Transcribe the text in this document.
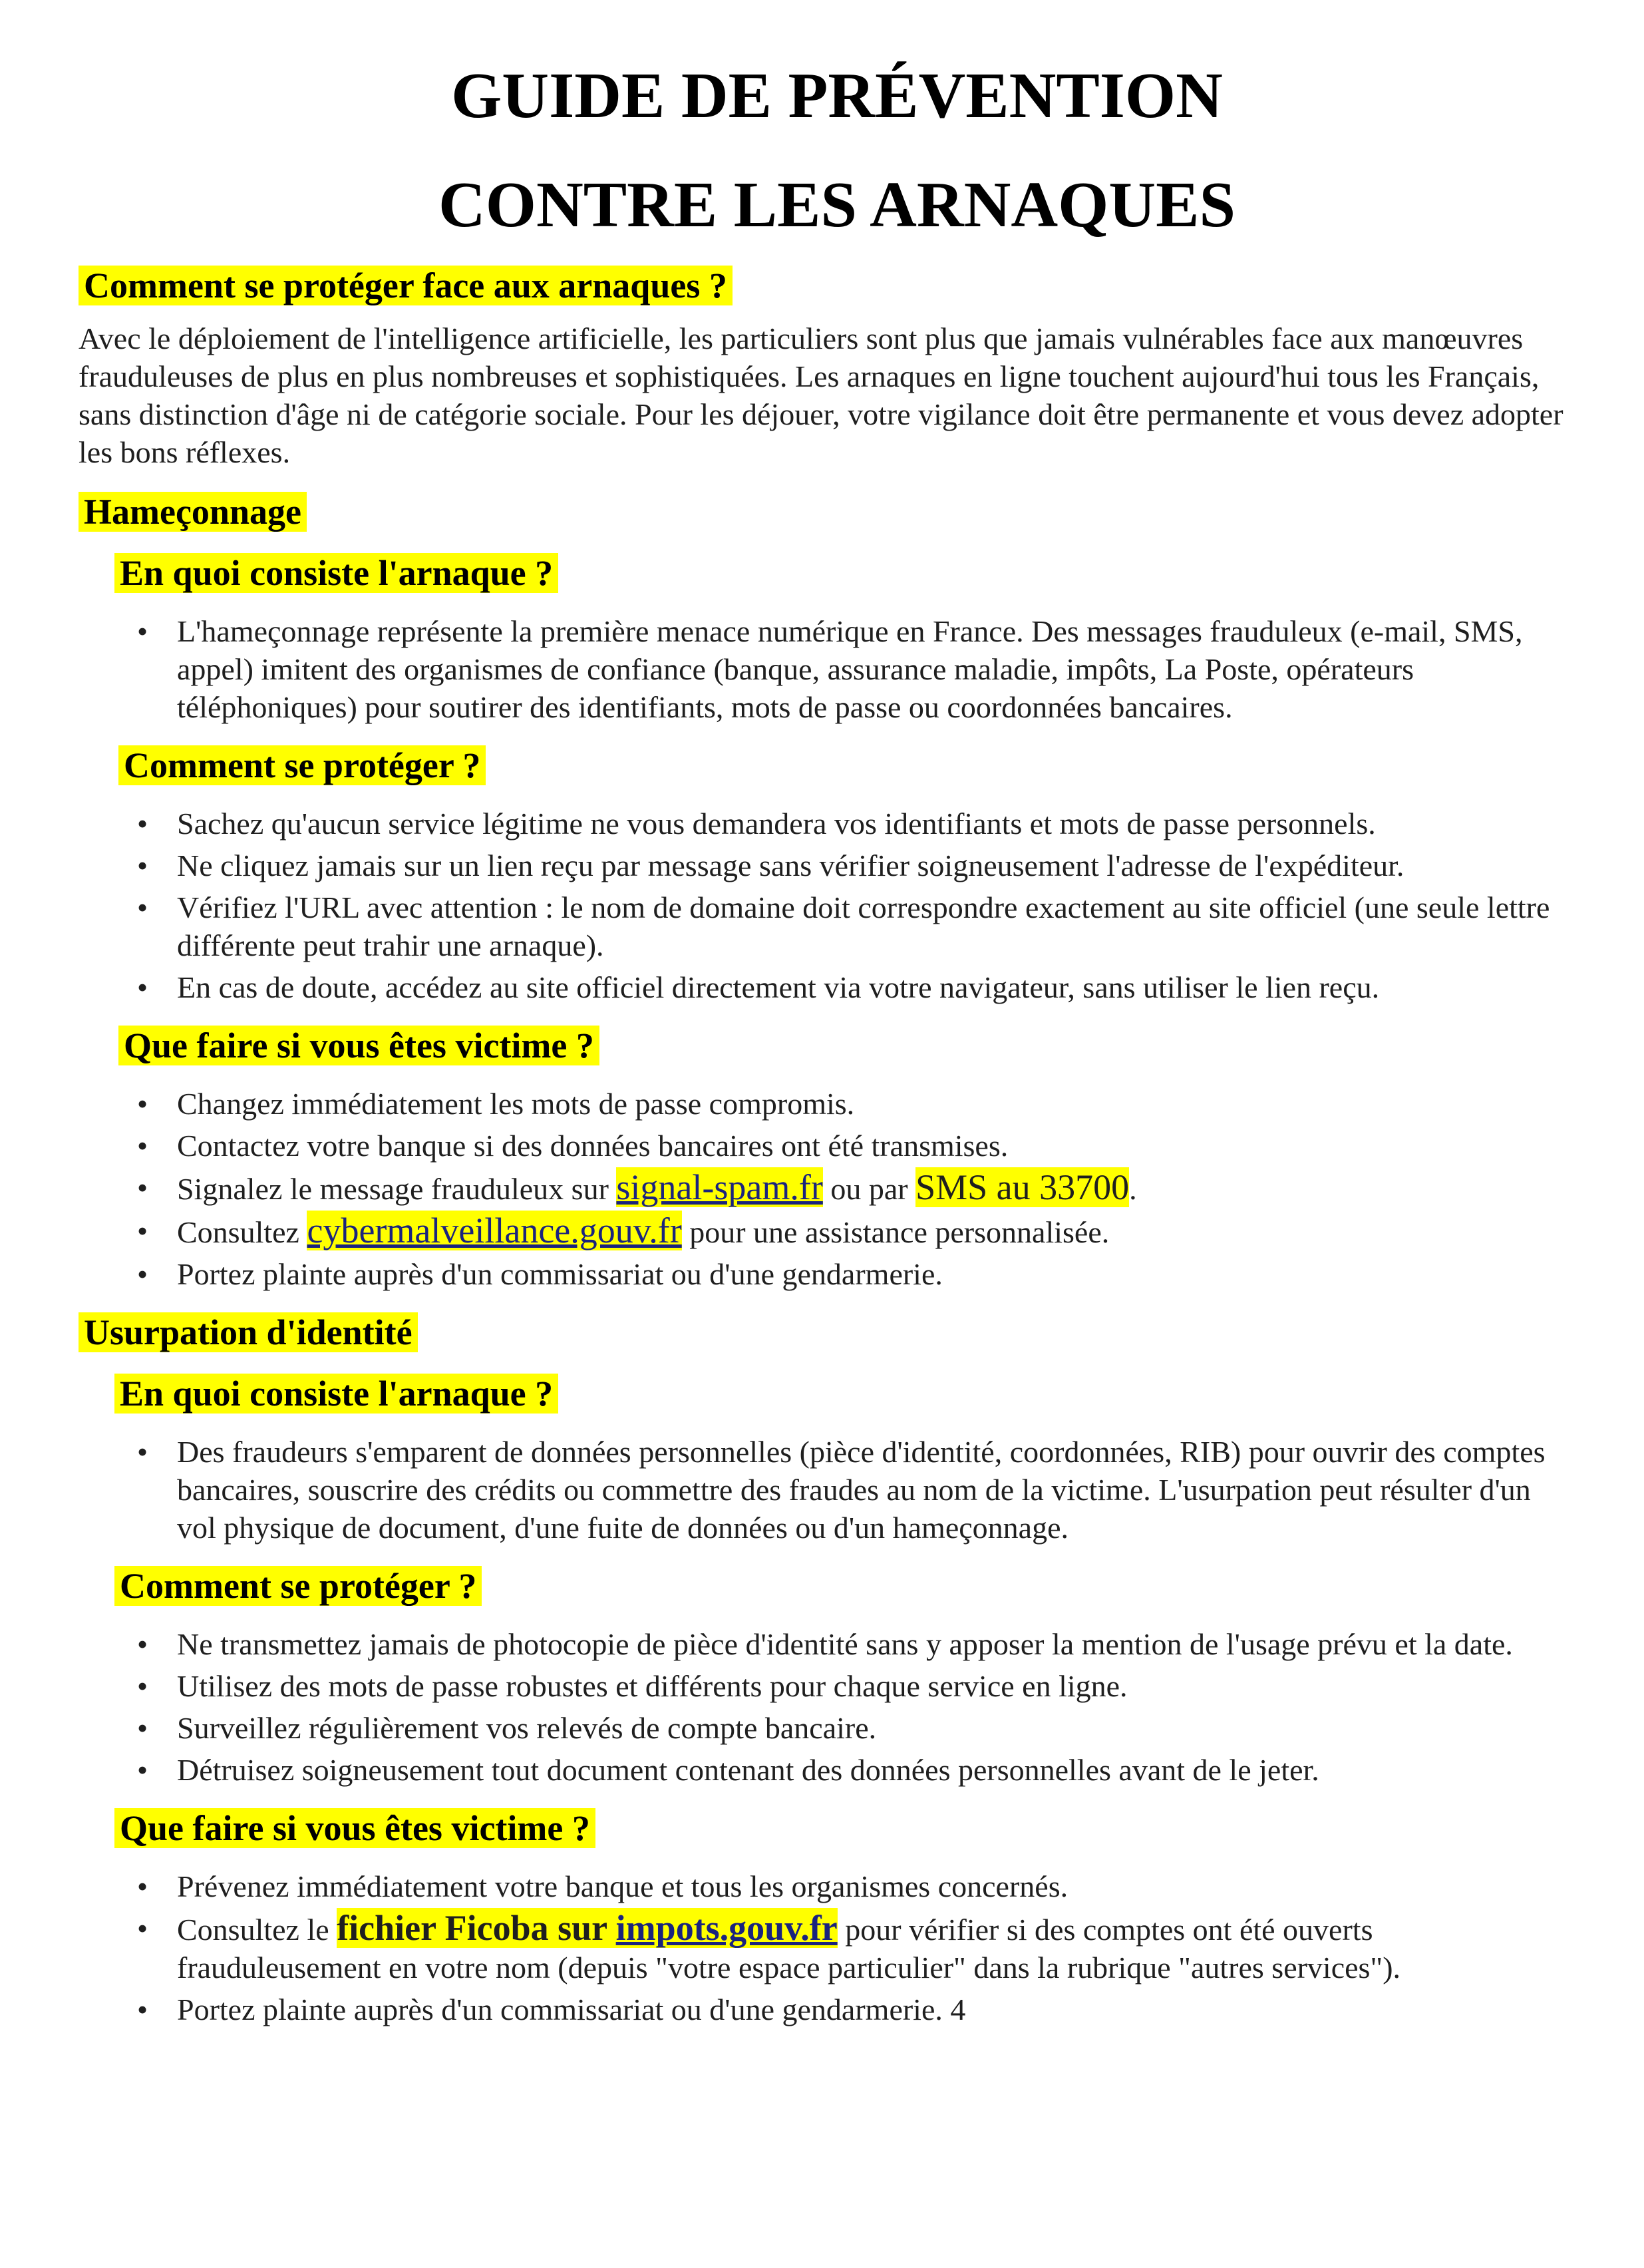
GUIDE DE PRÉVENTION
CONTRE LES ARNAQUES
Comment se protéger face aux arnaques ?

Avec le déploiement de l'intelligence artificielle, les particuliers sont plus que jamais vulnérables face aux manœuvres frauduleuses de plus en plus nombreuses et sophistiquées. Les arnaques en ligne touchent aujourd'hui tous les Français, sans distinction d'âge ni de catégorie sociale. Pour les déjouer, votre vigilance doit être permanente et vous devez adopter les bons réflexes.

Hameçonnage
En quoi consiste l'arnaque ?
• L'hameçonnage représente la première menace numérique en France. Des messages frauduleux (e-mail, SMS, appel) imitent des organismes de confiance (banque, assurance maladie, impôts, La Poste, opérateurs téléphoniques) pour soutirer des identifiants, mots de passe ou coordonnées bancaires.
Comment se protéger ?
• Sachez qu'aucun service légitime ne vous demandera vos identifiants et mots de passe personnels.
• Ne cliquez jamais sur un lien reçu par message sans vérifier soigneusement l'adresse de l'expéditeur.
• Vérifiez l'URL avec attention : le nom de domaine doit correspondre exactement au site officiel (une seule lettre différente peut trahir une arnaque).
• En cas de doute, accédez au site officiel directement via votre navigateur, sans utiliser le lien reçu.
Que faire si vous êtes victime ?
• Changez immédiatement les mots de passe compromis.
• Contactez votre banque si des données bancaires ont été transmises.
• Signalez le message frauduleux sur signal-spam.fr ou par SMS au 33700.
• Consultez cybermalveillance.gouv.fr pour une assistance personnalisée.
• Portez plainte auprès d'un commissariat ou d'une gendarmerie.
Usurpation d'identité
En quoi consiste l'arnaque ?
• Des fraudeurs s'emparent de données personnelles (pièce d'identité, coordonnées, RIB) pour ouvrir des comptes bancaires, souscrire des crédits ou commettre des fraudes au nom de la victime. L'usurpation peut résulter d'un vol physique de document, d'une fuite de données ou d'un hameçonnage.
Comment se protéger ?
• Ne transmettez jamais de photocopie de pièce d'identité sans y apposer la mention de l'usage prévu et la date.
• Utilisez des mots de passe robustes et différents pour chaque service en ligne.
• Surveillez régulièrement vos relevés de compte bancaire.
• Détruisez soigneusement tout document contenant des données personnelles avant de le jeter.
Que faire si vous êtes victime ?
• Prévenez immédiatement votre banque et tous les organismes concernés.
• Consultez le fichier Ficoba sur impots.gouv.fr pour vérifier si des comptes ont été ouverts frauduleusement en votre nom (depuis "votre espace particulier" dans la rubrique "autres services").
• Portez plainte auprès d'un commissariat ou d'une gendarmerie. 4
